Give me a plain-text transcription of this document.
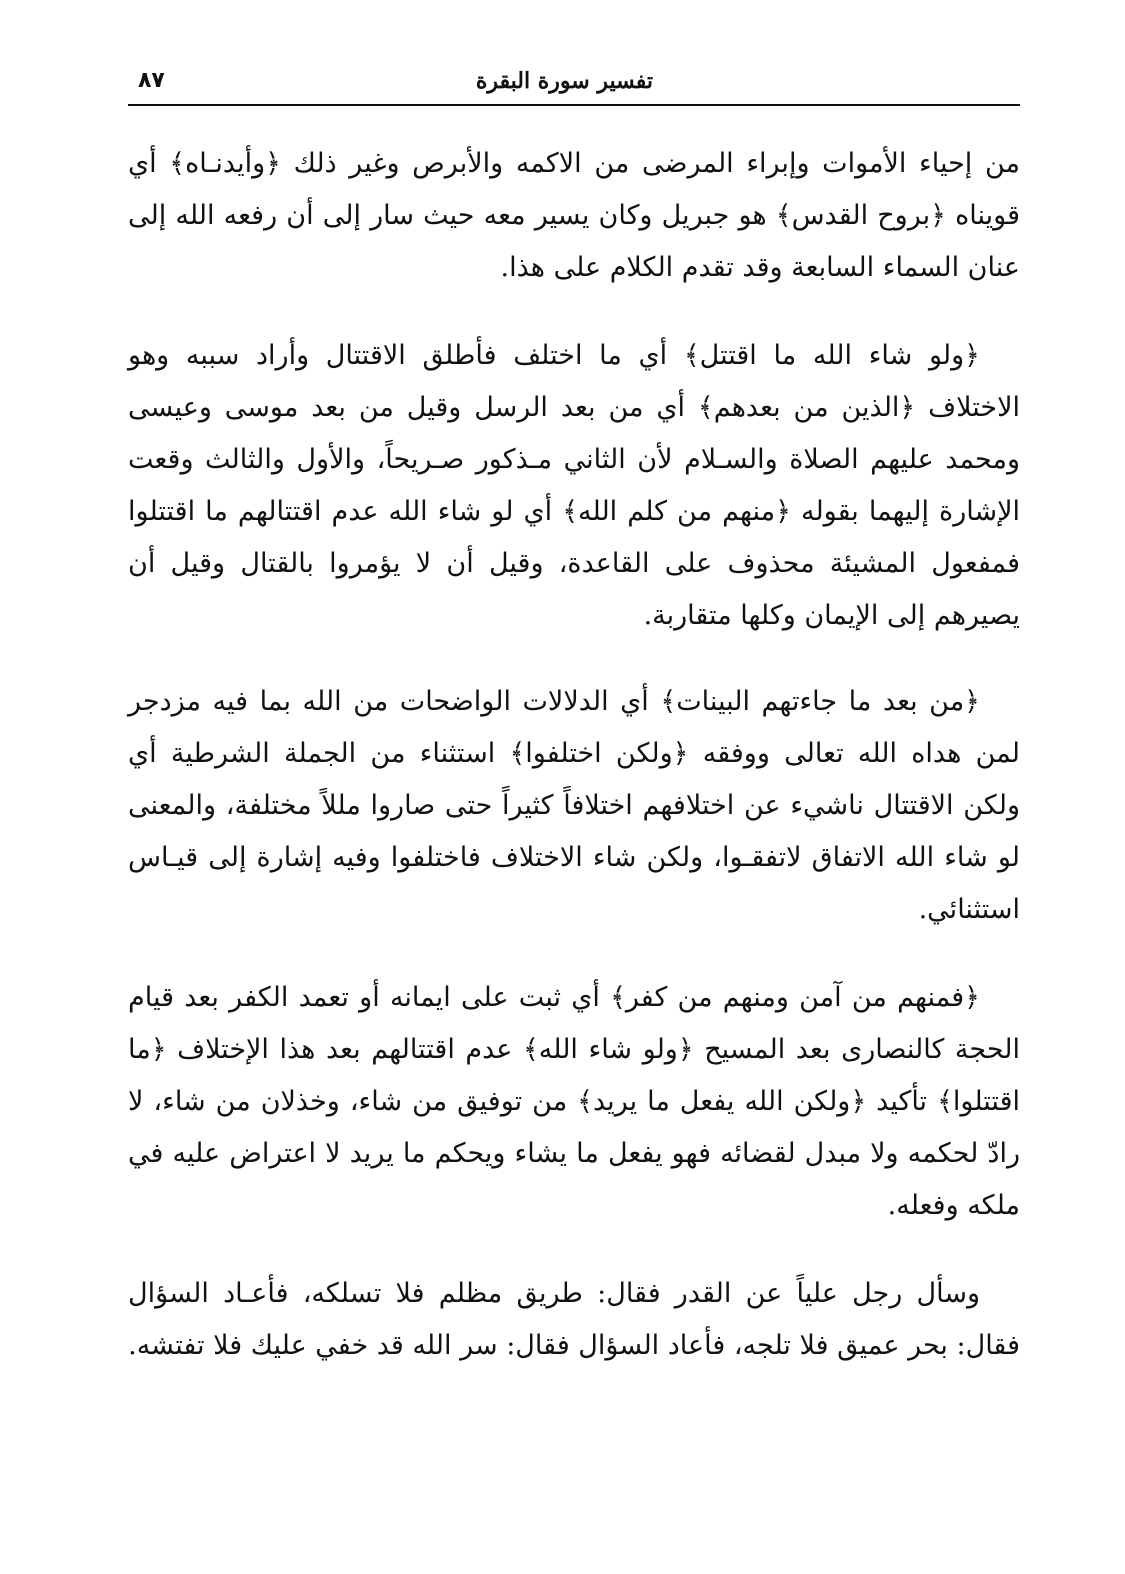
تفسير سورة البقرة
٨٧

من إحياء الأموات وإبراء المرضى من الاكمه والأبرص وغير ذلك ﴿وأيدنـاه﴾ أي قويناه ﴿بروح القدس﴾ هو جبريل وكان يسير معه حيث سار إلى أن رفعه الله إلى عنان السماء السابعة وقد تقدم الكلام على هذا.

﴿ولو شاء الله ما اقتتل﴾ أي ما اختلف فأطلق الاقتتال وأراد سببه وهو الاختلاف ﴿الذين من بعدهم﴾ أي من بعد الرسل وقيل من بعد موسى وعيسى ومحمد عليهم الصلاة والسـلام لأن الثاني مـذكور صـريحاً، والأول والثالث وقعت الإشارة إليهما بقوله ﴿منهم من كلم الله﴾ أي لو شاء الله عدم اقتتالهم ما اقتتلوا فمفعول المشيئة محذوف على القاعدة، وقيل أن لا يؤمروا بالقتال وقيل أن يصيرهم إلى الإيمان وكلها متقاربة.

﴿من بعد ما جاءتهم البينات﴾ أي الدلالات الواضحات من الله بما فيه مزدجر لمن هداه الله تعالى ووفقه ﴿ولكن اختلفوا﴾ استثناء من الجملة الشرطية أي ولكن الاقتتال ناشيء عن اختلافهم اختلافاً كثيراً حتى صاروا مللاً مختلفة، والمعنى لو شاء الله الاتفاق لاتفقـوا، ولكن شاء الاختلاف فاختلفوا وفيه إشارة إلى قيـاس استثنائي.

﴿فمنهم من آمن ومنهم من كفر﴾ أي ثبت على ايمانه أو تعمد الكفر بعد قيام الحجة كالنصارى بعد المسيح ﴿ولو شاء الله﴾ عدم اقتتالهم بعد هذا الإختلاف ﴿ما اقتتلوا﴾ تأكيد ﴿ولكن الله يفعل ما يريد﴾ من توفيق من شاء، وخذلان من شاء، لا رادّ لحكمه ولا مبدل لقضائه فهو يفعل ما يشاء ويحكم ما يريد لا اعتراض عليه في ملكه وفعله.

وسأل رجل علياً عن القدر فقال: طريق مظلم فلا تسلكه، فأعـاد السؤال فقال: بحر عميق فلا تلجه، فأعاد السؤال فقال: سر الله قد خفي عليك فلا تفتشه.
